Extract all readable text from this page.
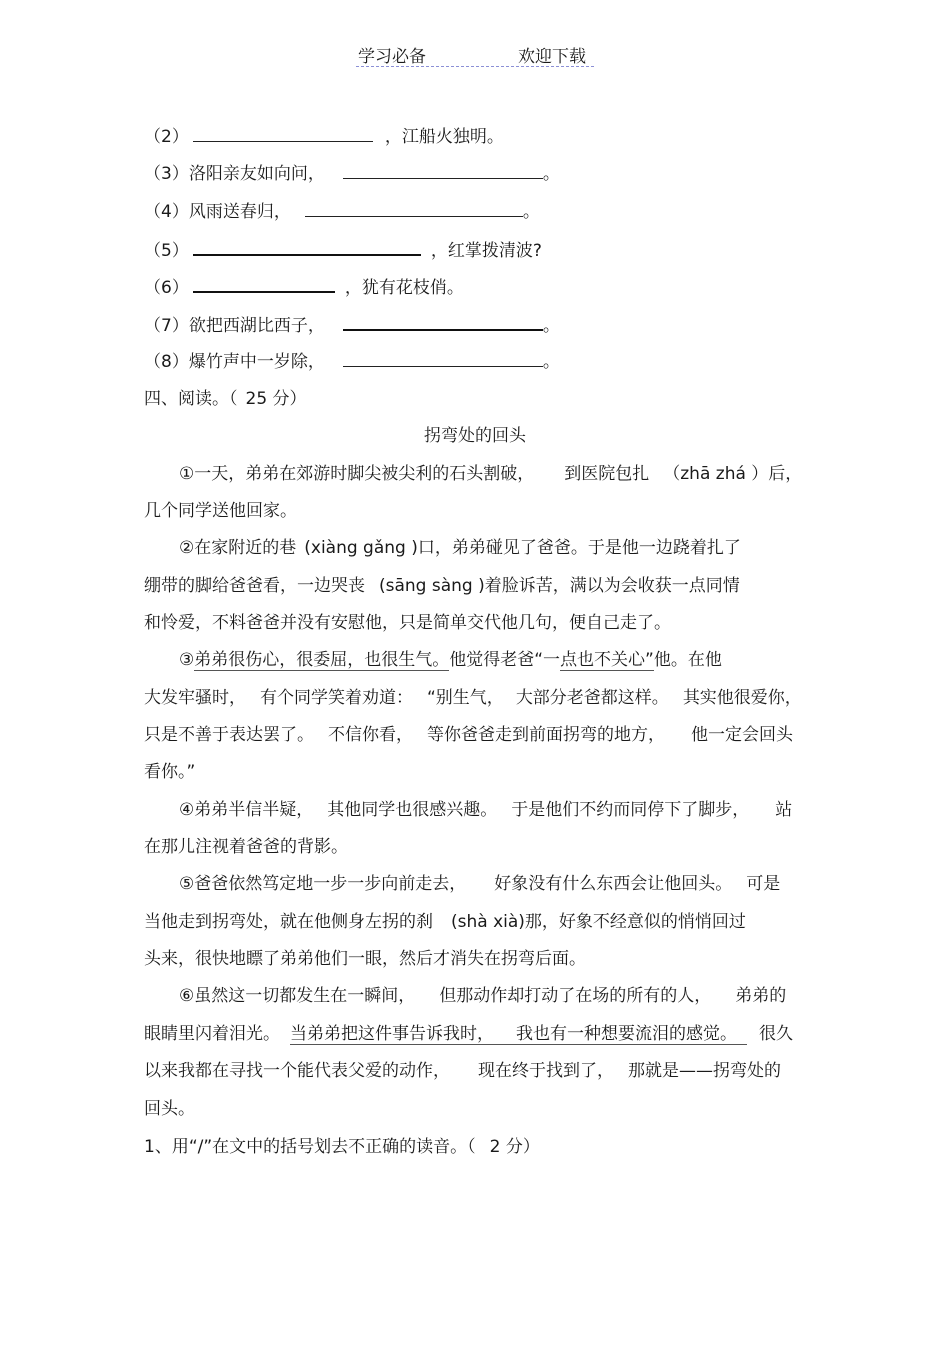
学习必备	欢迎下载
（2）	，江船火独明。
（3）洛阳亲友如向问，	。
（4）风雨送春归，	。
（5）	，红掌拨清波?
（6）	，犹有花枝俏。
（7）欲把西湖比西子，	。
（8）爆竹声中一岁除，	。
四、阅读。（ 25 分）
拐弯处的回头
①一天，弟弟在郊游时脚尖被尖利的石头割破， 到医院包扎 （zhā zhá ）后，
几个同学送他回家。
②在家附近的巷 (xiàng gǎng )口，弟弟碰见了爸爸。于是他一边跷着扎了
绷带的脚给爸爸看，一边哭丧 (sāng sàng )着脸诉苦，满以为会收获一点同情
和怜爱，不料爸爸并没有安慰他，只是简单交代他几句，便自己走了。
③弟弟很伤心，很委屈，也很生气。他觉得老爸“一点也不关心”他。在他
大发牢骚时， 有个同学笑着劝道： “别生气， 大部分老爸都这样。 其实他很爱你，
只是不善于表达罢了。 不信你看， 等你爸爸走到前面拐弯的地方， 他一定会回头
看你。”
④弟弟半信半疑， 其他同学也很感兴趣。 于是他们不约而同停下了脚步， 站
在那儿注视着爸爸的背影。
⑤爸爸依然笃定地一步一步向前走去， 好象没有什么东西会让他回头。 可是
当他走到拐弯处，就在他侧身左拐的刹 (shà xià)那，好象不经意似的悄悄回过
头来，很快地瞟了弟弟他们一眼，然后才消失在拐弯后面。
⑥虽然这一切都发生在一瞬间， 但那动作却打动了在场的所有的人， 弟弟的
眼睛里闪着泪光。 当弟弟把这件事告诉我时， 我也有一种想要流泪的感觉。 很久
以来我都在寻找一个能代表父爱的动作， 现在终于找到了， 那就是——拐弯处的
回头。
1、用“/”在文中的括号划去不正确的读音。（ 2 分）
